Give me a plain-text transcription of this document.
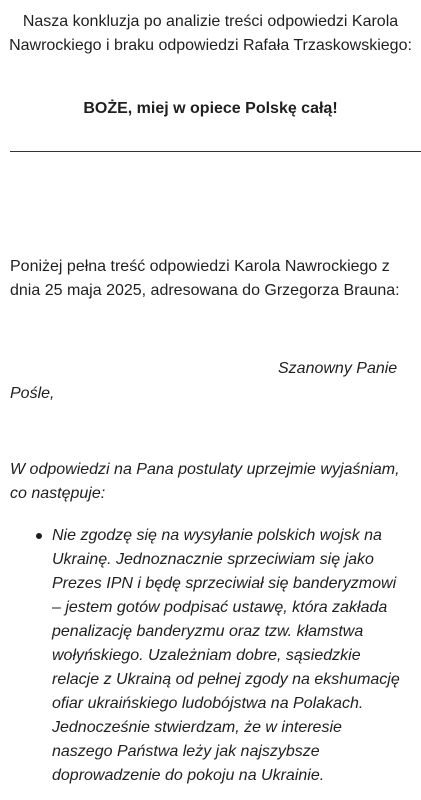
Nasza konkluzja po analizie treści odpowiedzi Karola Nawrockiego i braku odpowiedzi Rafała Trzaskowskiego:
BOŻE, miej w opiece Polskę całą!
Poniżej pełna treść odpowiedzi Karola Nawrockiego z dnia 25 maja 2025, adresowana do Grzegorza Brauna:
Szanowny Panie
Pośle,
W odpowiedzi na Pana postulaty uprzejmie wyjaśniam, co następuje:
Nie zgodzę się na wysyłanie polskich wojsk na Ukrainę. Jednoznacznie sprzeciwiam się jako Prezes IPN i będę sprzeciwiał się banderyzmowi – jestem gotów podpisać ustawę, która zakłada penalizację banderyzmu oraz tzw. kłamstwa wołyńskiego. Uzależniam dobre, sąsiedzkie relacje z Ukrainą od pełnej zgody na ekshumację ofiar ukraińskiego ludobójstwa na Polakach. Jednocześnie stwierdzam, że w interesie naszego Państwa leży jak najszybsze doprowadzenie do pokoju na Ukrainie.
